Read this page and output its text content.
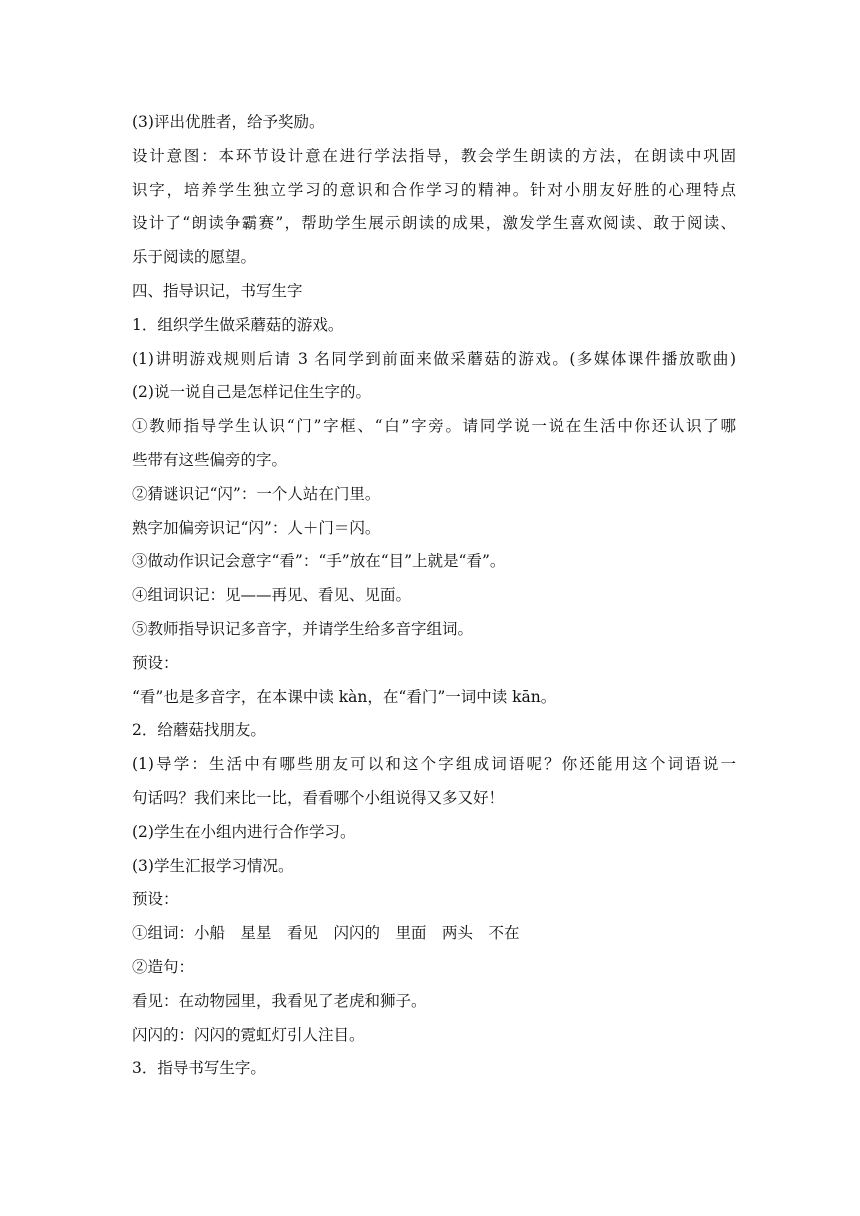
(3)评出优胜者，给予奖励。
设计意图：本环节设计意在进行学法指导，教会学生朗读的方法，在朗读中巩固
识字，培养学生独立学习的意识和合作学习的精神。针对小朋友好胜的心理特点
设计了“朗读争霸赛”，帮助学生展示朗读的成果，激发学生喜欢阅读、敢于阅读、
乐于阅读的愿望。
四、指导识记，书写生字
1．组织学生做采蘑菇的游戏。
(1)讲明游戏规则后请 3 名同学到前面来做采蘑菇的游戏。(多媒体课件播放歌曲)
(2)说一说自己是怎样记住生字的。
①教师指导学生认识“门”字框、“白”字旁。请同学说一说在生活中你还认识了哪
些带有这些偏旁的字。
②猜谜识记“闪”：一个人站在门里。
熟字加偏旁识记“闪”：人＋门＝闪。
③做动作识记会意字“看”：“手”放在“目”上就是“看”。
④组词识记：见——再见、看见、见面。
⑤教师指导识记多音字，并请学生给多音字组词。
预设：
“看”也是多音字，在本课中读 kàn，在“看门”一词中读 kān。
2．给蘑菇找朋友。
(1)导学：生活中有哪些朋友可以和这个字组成词语呢？你还能用这个词语说一
句话吗？我们来比一比，看看哪个小组说得又多又好！
(2)学生在小组内进行合作学习。
(3)学生汇报学习情况。
预设：
①组词：小船　星星　看见　闪闪的　里面　两头　不在
②造句：
看见：在动物园里，我看见了老虎和狮子。
闪闪的：闪闪的霓虹灯引人注目。
3．指导书写生字。
